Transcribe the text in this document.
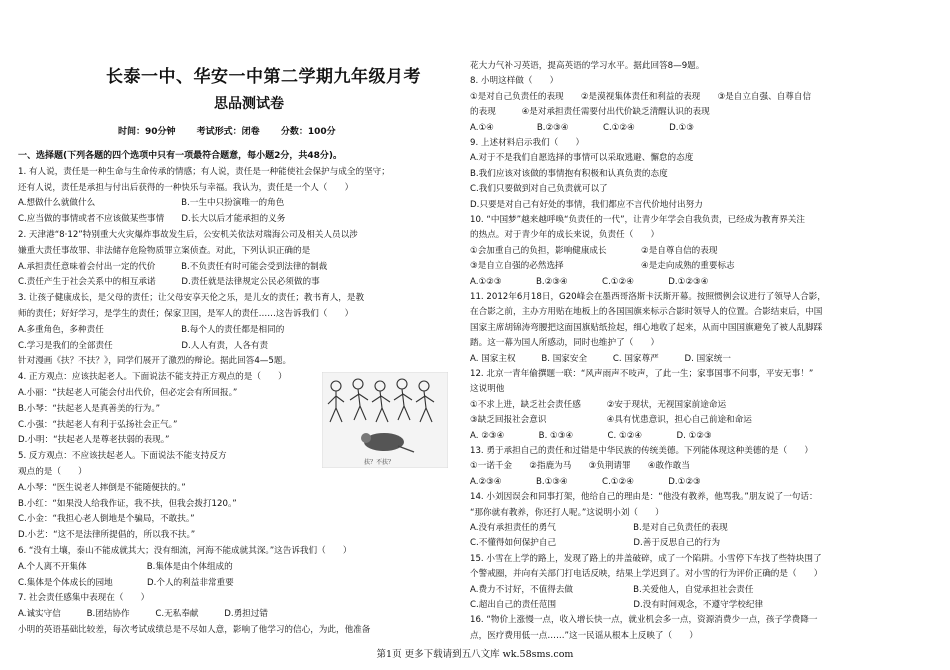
长泰一中、华安一中第二学期九年级月考
思品测试卷
时间：90分钟 考试形式：闭卷 分数：100分
一、选择题(下列各题的四个选项中只有一项最符合题意，每小题2分，共48分)。
1. 有人说，责任是一种生命与生命传承的情感；有人说，责任是一种能使社会保护与成全的坚守；
还有人说，责任是承担与付出后获得的一种快乐与幸福。我认为，责任是一个人（　　）
A.想做什么就做什么　　　　　　　　　　B.一生中只扮演唯一的角色
C.应当做的事情或者不应该做某些事情　　D.长大以后才能承担的义务
2. 天津港“8·12”特别重大火灾爆炸事故发生后，公安机关依法对瑞海公司及相关人员以涉
嫌重大责任事故罪、非法储存危险物质罪立案侦查。对此，下列认识正确的是
A.承担责任意味着会付出一定的代价　　　B.不负责任有时可能会受到法律的制裁
C.责任产生于社会关系中的相互承诺　　　D.责任就是法律规定公民必须做的事
3. 让孩子健康成长，是父母的责任；让父母安享天伦之乐，是儿女的责任；教书育人，是教
师的责任；好好学习，是学生的责任；保家卫国，是军人的责任……这告诉我们（　　）
A.多重角色，多种责任　　　　　　　　　B.每个人的责任都是相同的
C.学习是我们的全部责任　　　　　　　　D.人人有责，人各有责
针对漫画《扶？不扶？》，同学们展开了激烈的辩论。据此回答4—5题。
4. 正方观点：应该扶起老人。下面说法不能支持正方观点的是（　　）
A.小丽：“扶起老人可能会付出代价，但必定会有所回报。”
B.小琴：“扶起老人是真善美的行为。”
C.小强：“扶起老人有利于弘扬社会正气。”
D.小明：“扶起老人是尊老扶弱的表现。”
5. 反方观点：不应该扶起老人。下面说法不能支持反方
观点的是（　　）
A.小琴：“医生说老人摔倒是不能随便扶的。”
B.小红：“如果没人给我作证，我不扶，但我会拨打120。”
C.小金：“我担心老人倒地是个骗局，不敢扶。”
D.小艺：“这不是法律所提倡的，所以我不扶。”
6. “没有土壤，泰山不能成就其大；没有细流，河海不能成就其深。”这告诉我们（　　）
A.个人离不开集体　　　　　　　B.集体是由个体组成的
C.集体是个体成长的园地　　　　D.个人的利益非常重要
7. 社会责任感集中表现在（　　）
A.诚实守信　　　B.团结协作　　　C.无私奉献　　　D.勇担过错
小明的英语基础比较差，每次考试成绩总是不尽如人意，影响了他学习的信心，为此，他准备
扶？不扶？
花大力气补习英语，提高英语的学习水平。据此回答8—9题。
8. 小明这样做（　　）
①是对自己负责任的表现　　②是漠视集体责任和利益的表现　　③是自立自强、自尊自信
的表现　　　④是对承担责任需要付出代价缺乏清醒认识的表现
A.①④　　　　　B.②③④　　　　C.①②④　　　　D.①③
9. 上述材料启示我们（　　）
A.对于不是我们自愿选择的事情可以采取逃避、懈怠的态度
B.我们应该对该做的事情抱有积极和认真负责的态度
C.我们只要做到对自己负责就可以了
D.只要是对自己有好处的事情，我们都应不言代价地付出努力
10. “中国梦”越来越呼唤“负责任的一代”，让青少年学会自我负责，已经成为教育界关注
的热点。对于青少年的成长来说，负责任（　　）
①会加重自己的负担，影响健康成长　　　　②是自尊自信的表现
③是自立自强的必然选择　　　　　　　　　④是走向成熟的重要标志
A.①②③　　　　B.②③④　　　　C.①②④　　　　D.①②③④
11. 2012年6月18日，G20峰会在墨西哥洛斯卡沃斯开幕。按照惯例会议进行了领导人合影，
在合影之前，主办方用贴在地板上的各国国旗来标示合影时领导人的位置。合影结束后，中国
国家主席胡锦涛弯腰把这面国旗贴纸捡起，细心地收了起来，从而中国国旗避免了被人乱脚踩
踏。这一幕为国人所感动，同时也维护了（　　）
A. 国家主权　　　B. 国家安全　　　C. 国家尊严　　　D. 国家统一
12. 北京一青年偷撰题一联：“风声雨声不吱声，了此一生；家事国事不问事，平安无事！”
这说明他
①不求上进，缺乏社会责任感　　　②安于现状，无视国家前途命运
③缺乏回报社会意识　　　　　　　④具有忧患意识，担心自己前途和命运
A. ②③④　　　　B. ①③④　　　　C. ①②④　　　　D. ①②③
13. 勇于承担自己的责任和过错是中华民族的传统美德。下列能体现这种美德的是（　　）
①一诺千金　　②指鹿为马　　③负荆请罪　　④敢作敢当
A.②③④　　　　B.①③④　　　　C.①②④　　　　D.①②③
14. 小刘因误会和同事打架，他给自己的理由是：“他没有教养，他骂我。”朋友说了一句话：
“那你就有教养，你还打人呢。”这说明小刘（　　）
A.没有承担责任的勇气　　　　　　　　　B.是对自己负责任的表现
C.不懂得如何保护自己　　　　　　　　　D.善于反思自己的行为
15. 小雪在上学的路上，发现了路上的井盖破碎，成了一个陷阱。小雪停下车找了些特块围了
个警戒圈，并向有关部门打电话反映，结果上学迟到了。对小雪的行为评价正确的是（　　）
A.费力不讨好，不值得去做　　　　　　　B.关爱他人，自觉承担社会责任
C.超出自己的责任范围　　　　　　　　　D.没有时间观念，不遵守学校纪律
16. “物价上涨慢一点，收入增长快一点，就业机会多一点，资源消费少一点，孩子学费降一
点，医疗费用低一点……”这一民谣从根本上反映了（　　）
第1页 更多下载请到五八文库 wk.58sms.com
